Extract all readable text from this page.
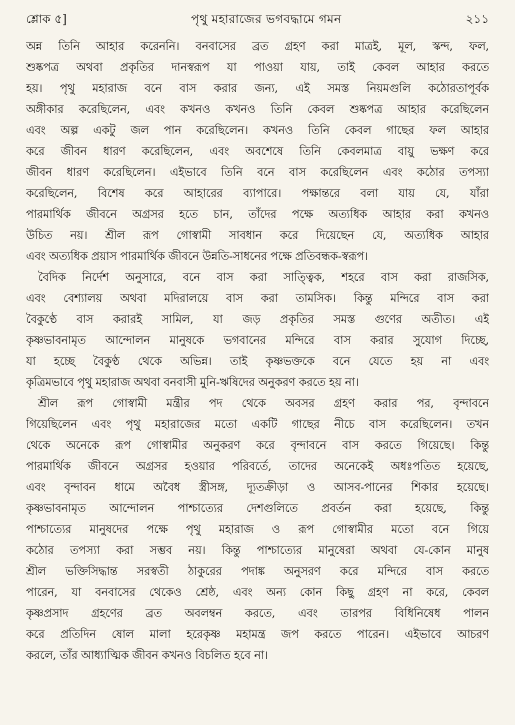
শ্লোক ৫]	পৃথু মহারাজের ভগবদ্ধামে গমন	২১১
অন্ন তিনি আহার করেননি। বনবাসের ব্রত গ্রহণ করা মাত্রই, মূল, স্কন্দ, ফল,
শুষ্কপত্র অথবা প্রকৃতির দানস্বরূপ যা পাওয়া যায়, তাই কেবল আহার করতে
হয়। পৃথু মহারাজ বনে বাস করার জন্য, এই সমস্ত নিয়মগুলি কঠোরতাপূর্বক
অঙ্গীকার করেছিলেন, এবং কখনও কখনও তিনি কেবল শুষ্কপত্র আহার করেছিলেন
এবং অল্প একটু জল পান করেছিলেন। কখনও তিনি কেবল গাছের ফল আহার
করে জীবন ধারণ করেছিলেন, এবং অবশেষে তিনি কেবলমাত্র বায়ু ভক্ষণ করে
জীবন ধারণ করেছিলেন। এইভাবে তিনি বনে বাস করেছিলেন এবং কঠোর তপস্যা
করেছিলেন, বিশেষ করে আহারের ব্যাপারে। পক্ষান্তরে বলা যায় যে, যাঁরা
পারমার্থিক জীবনে অগ্রসর হতে চান, তাঁদের পক্ষে অত্যধিক আহার করা কখনও
উচিত নয়। শ্রীল রূপ গোস্বামী সাবধান করে দিয়েছেন যে, অত্যধিক আহার
এবং অত্যধিক প্রয়াস পারমার্থিক জীবনে উন্নতি-সাধনের পক্ষে প্রতিবন্ধক-স্বরূপ।
বৈদিক নির্দেশ অনুসারে, বনে বাস করা সাত্ত্বিক, শহরে বাস করা রাজসিক,
এবং বেশ্যালয় অথবা মদিরালয়ে বাস করা তামসিক। কিন্তু মন্দিরে বাস করা
বৈকুণ্ঠে বাস করারই সামিল, যা জড় প্রকৃতির সমস্ত গুণের অতীত। এই
কৃষ্ণভাবনামৃত আন্দোলন মানুষকে ভগবানের মন্দিরে বাস করার সুযোগ দিচ্ছে,
যা হচ্ছে বৈকুণ্ঠ থেকে অভিন্ন। তাই কৃষ্ণভক্তকে বনে যেতে হয় না এবং
কৃত্রিমভাবে পৃথু মহারাজ অথবা বনবাসী মুনি-ঋষিদের অনুকরণ করতে হয় না।
শ্রীল রূপ গোস্বামী মন্ত্রীর পদ থেকে অবসর গ্রহণ করার পর, বৃন্দাবনে
গিয়েছিলেন এবং পৃথু মহারাজের মতো একটি গাছের নীচে বাস করেছিলেন। তখন
থেকে অনেকে রূপ গোস্বামীর অনুকরণ করে বৃন্দাবনে বাস করতে গিয়েছে। কিন্তু
পারমার্থিক জীবনে অগ্রসর হওয়ার পরিবর্তে, তাদের অনেকেই অধঃপতিত হয়েছে,
এবং বৃন্দাবন ধামে অবৈধ স্ত্রীসঙ্গ, দ্যূতক্রীড়া ও আসব-পানের শিকার হয়েছে।
কৃষ্ণভাবনামৃত আন্দোলন পাশ্চাত্যের দেশগুলিতে প্রবর্তন করা হয়েছে, কিন্তু
পাশ্চাত্যের মানুষদের পক্ষে পৃথু মহারাজ ও রূপ গোস্বামীর মতো বনে গিয়ে
কঠোর তপস্যা করা সম্ভব নয়। কিন্তু পাশ্চাত্যের মানুষেরা অথবা যে-কোন মানুষ
শ্রীল ভক্তিসিদ্ধান্ত সরস্বতী ঠাকুরের পদাঙ্ক অনুসরণ করে মন্দিরে বাস করতে
পারেন, যা বনবাসের থেকেও শ্রেষ্ঠ, এবং অন্য কোন কিছু গ্রহণ না করে, কেবল
কৃষ্ণপ্রসাদ গ্রহণের ব্রত অবলম্বন করতে, এবং তারপর বিধিনিষেধ পালন
করে প্রতিদিন ষোল মালা হরেকৃষ্ণ মহামন্ত্র জপ করতে পারেন। এইভাবে আচরণ
করলে, তাঁর আধ্যাত্মিক জীবন কখনও বিচলিত হবে না।
